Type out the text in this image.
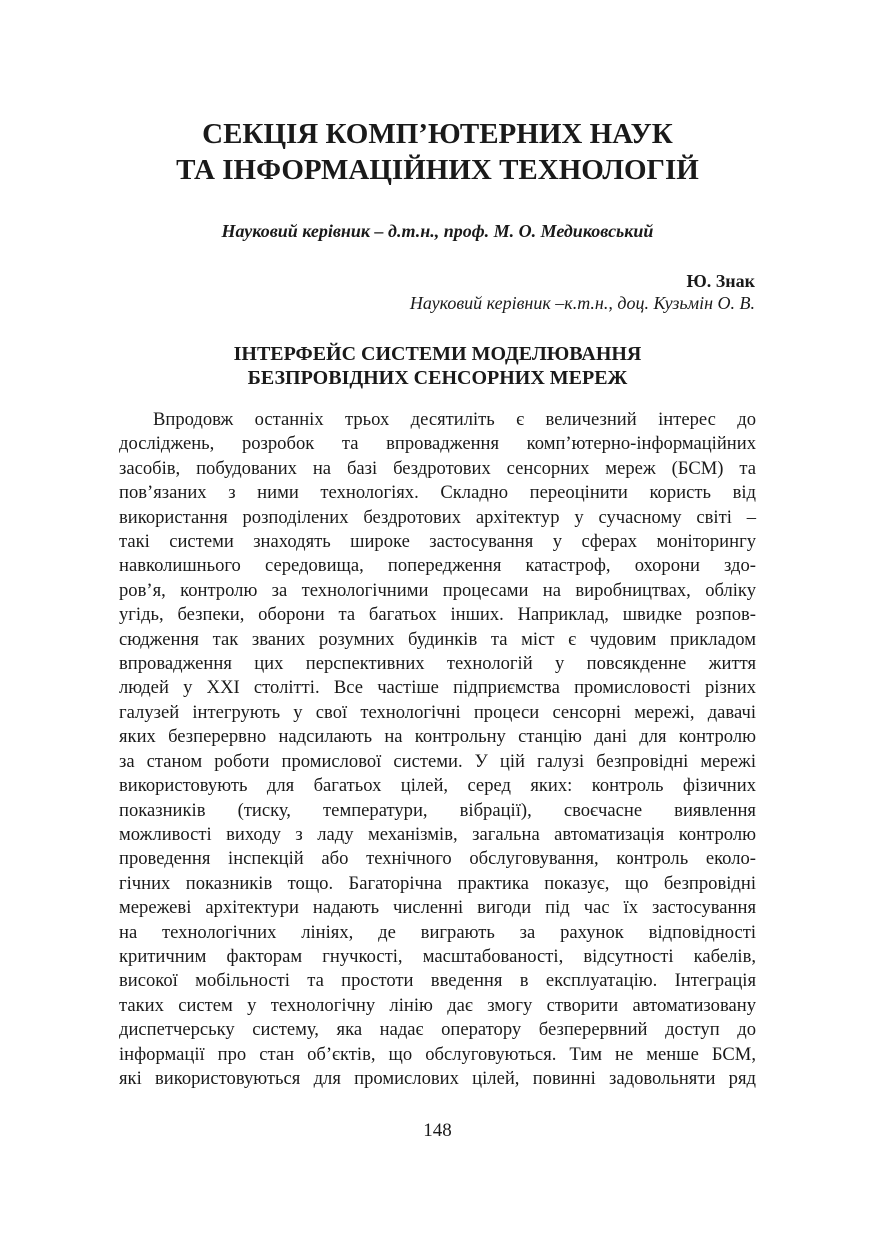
СЕКЦІЯ КОМП’ЮТЕРНИХ НАУК
ТА ІНФОРМАЦІЙНИХ ТЕХНОЛОГІЙ
Науковий керівник – д.т.н., проф. М. О. Медиковський
Ю. Знак
Науковий керівник –к.т.н., доц. Кузьмін О. В.
ІНТЕРФЕЙС СИСТЕМИ МОДЕЛЮВАННЯ
БЕЗПРОВІДНИХ СЕНСОРНИХ МЕРЕЖ
Впродовж останніх трьох десятиліть є величезний інтерес до
досліджень, розробок та впровадження комп’ютерно-інформаційних
засобів, побудованих на базі бездротових сенсорних мереж (БСМ) та
пов’язаних з ними технологіях. Складно переоцінити користь від
використання розподілених бездротових архітектур у сучасному світі –
такі системи знаходять широке застосування у сферах моніторингу
навколишнього середовища, попередження катастроф, охорони здо-
ров’я, контролю за технологічними процесами на виробництвах, обліку
угідь, безпеки, оборони та багатьох інших. Наприклад, швидке розпов-
сюдження так званих розумних будинків та міст є чудовим прикладом
впровадження цих перспективних технологій у повсякденне життя
людей у XXI столітті. Все частіше підприємства промисловості різних
галузей інтегрують у свої технологічні процеси сенсорні мережі, давачі
яких безперервно надсилають на контрольну станцію дані для контролю
за станом роботи промислової системи. У цій галузі безпровідні мережі
використовують для багатьох цілей, серед яких: контроль фізичних
показників (тиску, температури, вібрації), своєчасне виявлення
можливості виходу з ладу механізмів, загальна автоматизація контролю
проведення інспекцій або технічного обслуговування, контроль еколо-
гічних показників тощо. Багаторічна практика показує, що безпровідні
мережеві архітектури надають численні вигоди під час їх застосування
на технологічних лініях, де виграють за рахунок відповідності
критичним факторам гнучкості, масштабованості, відсутності кабелів,
високої мобільності та простоти введення в експлуатацію. Інтеграція
таких систем у технологічну лінію дає змогу створити автоматизовану
диспетчерську систему, яка надає оператору безперервний доступ до
інформації про стан об’єктів, що обслуговуються. Тим не менше БСМ,
які використовуються для промислових цілей, повинні задовольняти ряд
148
